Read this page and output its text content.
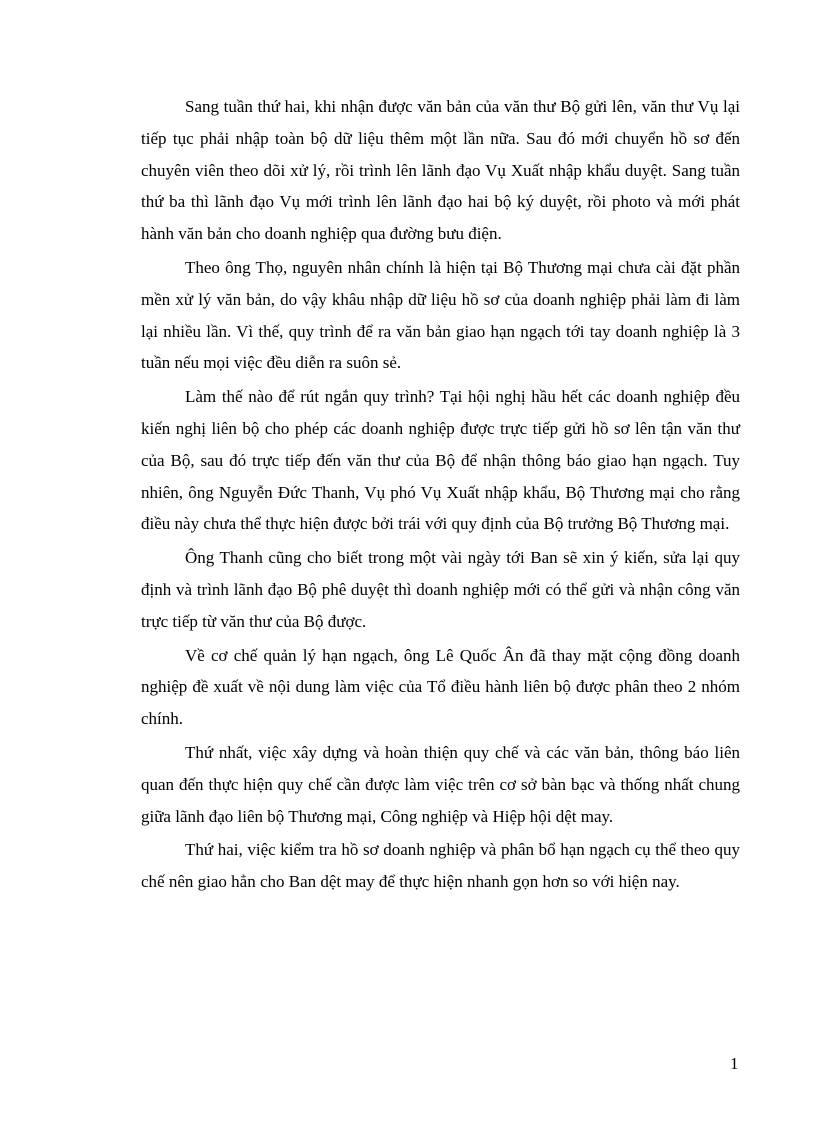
Sang tuần thứ hai, khi nhận được văn bản của văn thư Bộ gửi lên, văn thư Vụ lại tiếp tục phải nhập toàn bộ dữ liệu thêm một lần nữa. Sau đó mới chuyển hồ sơ đến chuyên viên theo dõi xử lý, rồi trình lên lãnh đạo Vụ Xuất nhập khẩu duyệt. Sang tuần thứ ba thì lãnh đạo Vụ mới trình lên lãnh đạo hai bộ ký duyệt, rồi photo và mới phát hành văn bản cho doanh nghiệp qua đường bưu điện.

Theo ông Thọ, nguyên nhân chính là hiện tại Bộ Thương mại chưa cài đặt phần mền xử lý văn bản, do vậy khâu nhập dữ liệu hồ sơ của doanh nghiệp phải làm đi làm lại nhiều lần. Vì thế, quy trình để ra văn bản giao hạn ngạch tới tay doanh nghiệp là 3 tuần nếu mọi việc đều diễn ra suôn sẻ.

Làm thế nào để rút ngắn quy trình? Tại hội nghị hầu hết các doanh nghiệp đều kiến nghị liên bộ cho phép các doanh nghiệp được trực tiếp gửi hồ sơ lên tận văn thư của Bộ, sau đó trực tiếp đến văn thư của Bộ để nhận thông báo giao hạn ngạch. Tuy nhiên, ông Nguyễn Đức Thanh, Vụ phó Vụ Xuất nhập khẩu, Bộ Thương mại cho rằng điều này chưa thể thực hiện được bởi trái với quy định của Bộ trưởng Bộ Thương mại.

Ông Thanh cũng cho biết trong một vài ngày tới Ban sẽ xin ý kiến, sửa lại quy định và trình lãnh đạo Bộ phê duyệt thì doanh nghiệp mới có thể gửi và nhận công văn trực tiếp từ văn thư của Bộ được.

Về cơ chế quản lý hạn ngạch, ông Lê Quốc Ân đã thay mặt cộng đồng doanh nghiệp đề xuất về nội dung làm việc của Tổ điều hành liên bộ được phân theo 2 nhóm chính.

Thứ nhất, việc xây dựng và hoàn thiện quy chế và các văn bản, thông báo liên quan đến thực hiện quy chế cần được làm việc trên cơ sở bàn bạc và thống nhất chung giữa lãnh đạo liên bộ Thương mại, Công nghiệp và Hiệp hội dệt may.

Thứ hai, việc kiểm tra hồ sơ doanh nghiệp và phân bổ hạn ngạch cụ thể theo quy chế nên giao hẳn cho Ban dệt may để thực hiện nhanh gọn hơn so với hiện nay.

1
